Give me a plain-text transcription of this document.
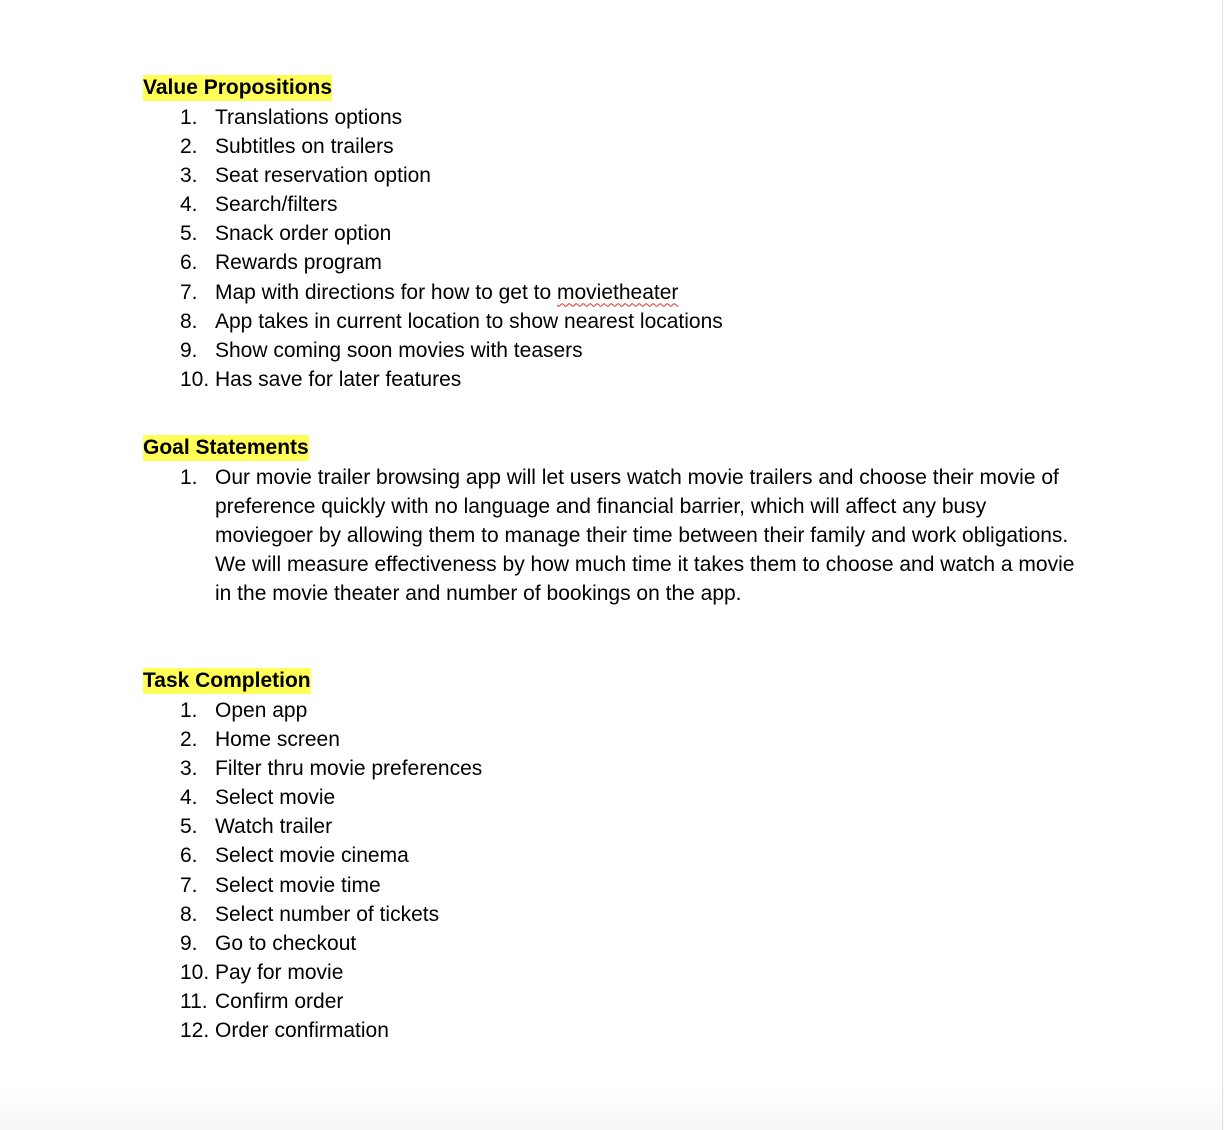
Value Propositions
1. Translations options
2. Subtitles on trailers
3. Seat reservation option
4. Search/filters
5. Snack order option
6. Rewards program
7. Map with directions for how to get to movietheater
8. App takes in current location to show nearest locations
9. Show coming soon movies with teasers
10. Has save for later features
Goal Statements
1. Our movie trailer browsing app will let users watch movie trailers and choose their movie of preference quickly with no language and financial barrier, which will affect any busy moviegoer by allowing them to manage their time between their family and work obligations. We will measure effectiveness by how much time it takes them to choose and watch a movie in the movie theater and number of bookings on the app.
Task Completion
1. Open app
2. Home screen
3. Filter thru movie preferences
4. Select movie
5. Watch trailer
6. Select movie cinema
7. Select movie time
8. Select number of tickets
9. Go to checkout
10. Pay for movie
11. Confirm order
12. Order confirmation
